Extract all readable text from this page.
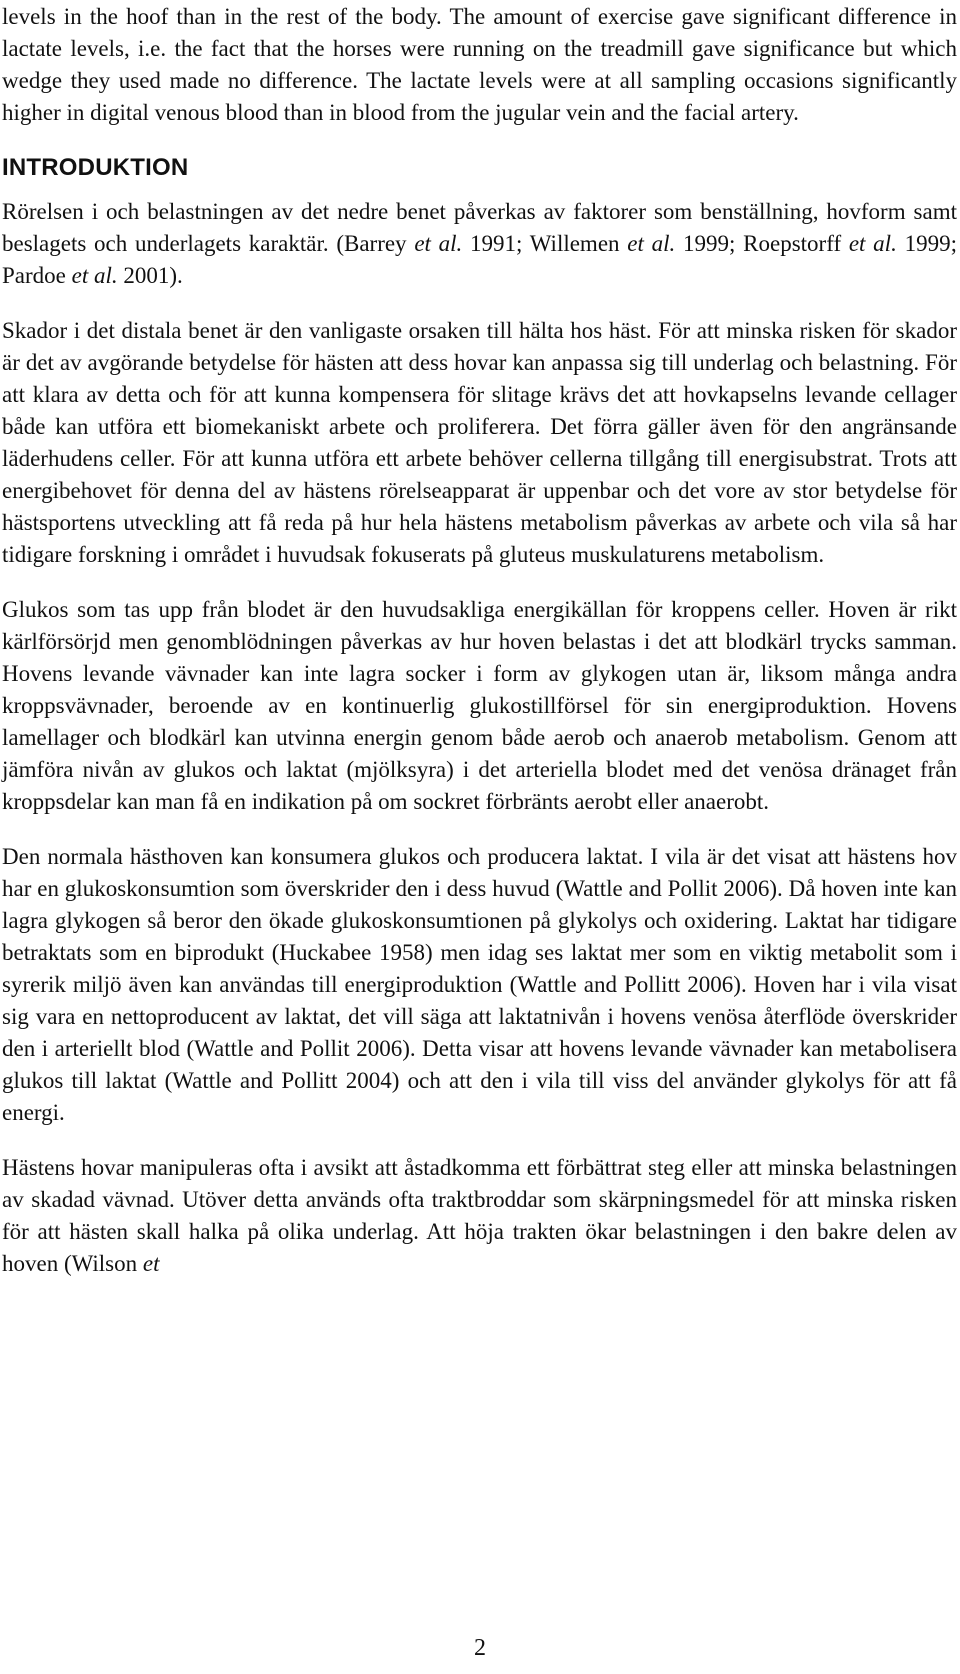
levels in the hoof than in the rest of the body. The amount of exercise gave significant difference in lactate levels, i.e. the fact that the horses were running on the treadmill gave significance but which wedge they used made no difference. The lactate levels were at all sampling occasions significantly higher in digital venous blood than in blood from the jugular vein and the facial artery.

INTRODUKTION

Rörelsen i och belastningen av det nedre benet påverkas av faktorer som benställning, hovform samt beslagets och underlagets karaktär. (Barrey et al. 1991; Willemen et al. 1999; Roepstorff et al. 1999; Pardoe et al. 2001).

Skador i det distala benet är den vanligaste orsaken till hälta hos häst. För att minska risken för skador är det av avgörande betydelse för hästen att dess hovar kan anpassa sig till underlag och belastning. För att klara av detta och för att kunna kompensera för slitage krävs det att hovkapselns levande cellager både kan utföra ett biomekaniskt arbete och proliferera. Det förra gäller även för den angränsande läderhudens celler. För att kunna utföra ett arbete behöver cellerna tillgång till energisubstrat. Trots att energibehovet för denna del av hästens rörelseapparat är uppenbar och det vore av stor betydelse för hästsportens utveckling att få reda på hur hela hästens metabolism påverkas av arbete och vila så har tidigare forskning i området i huvudsak fokuserats på gluteus muskulaturens metabolism.

Glukos som tas upp från blodet är den huvudsakliga energikällan för kroppens celler. Hoven är rikt kärlförsörjd men genomblödningen påverkas av hur hoven belastas i det att blodkärl trycks samman. Hovens levande vävnader kan inte lagra socker i form av glykogen utan är, liksom många andra kroppsvävnader, beroende av en kontinuerlig glukostillförsel för sin energiproduktion. Hovens lamellager och blodkärl kan utvinna energin genom både aerob och anaerob metabolism. Genom att jämföra nivån av glukos och laktat (mjölksyra) i det arteriella blodet med det venösa dränaget från kroppsdelar kan man få en indikation på om sockret förbränts aerobt eller anaerobt.

Den normala hästhoven kan konsumera glukos och producera laktat. I vila är det visat att hästens hov har en glukoskonsumtion som överskrider den i dess huvud (Wattle and Pollit 2006). Då hoven inte kan lagra glykogen så beror den ökade glukoskonsumtionen på glykolys och oxidering. Laktat har tidigare betraktats som en biprodukt (Huckabee 1958) men idag ses laktat mer som en viktig metabolit som i syrerik miljö även kan användas till energiproduktion (Wattle and Pollitt 2006). Hoven har i vila visat sig vara en nettoproducent av laktat, det vill säga att laktatnivån i hovens venösa återflöde överskrider den i arteriellt blod (Wattle and Pollit 2006). Detta visar att hovens levande vävnader kan metabolisera glukos till laktat (Wattle and Pollitt 2004) och att den i vila till viss del använder glykolys för att få energi.

Hästens hovar manipuleras ofta i avsikt att åstadkomma ett förbättrat steg eller att minska belastningen av skadad vävnad. Utöver detta används ofta traktbroddar som skärpningsmedel för att minska risken för att hästen skall halka på olika underlag. Att höja trakten ökar belastningen i den bakre delen av hoven (Wilson et

2
